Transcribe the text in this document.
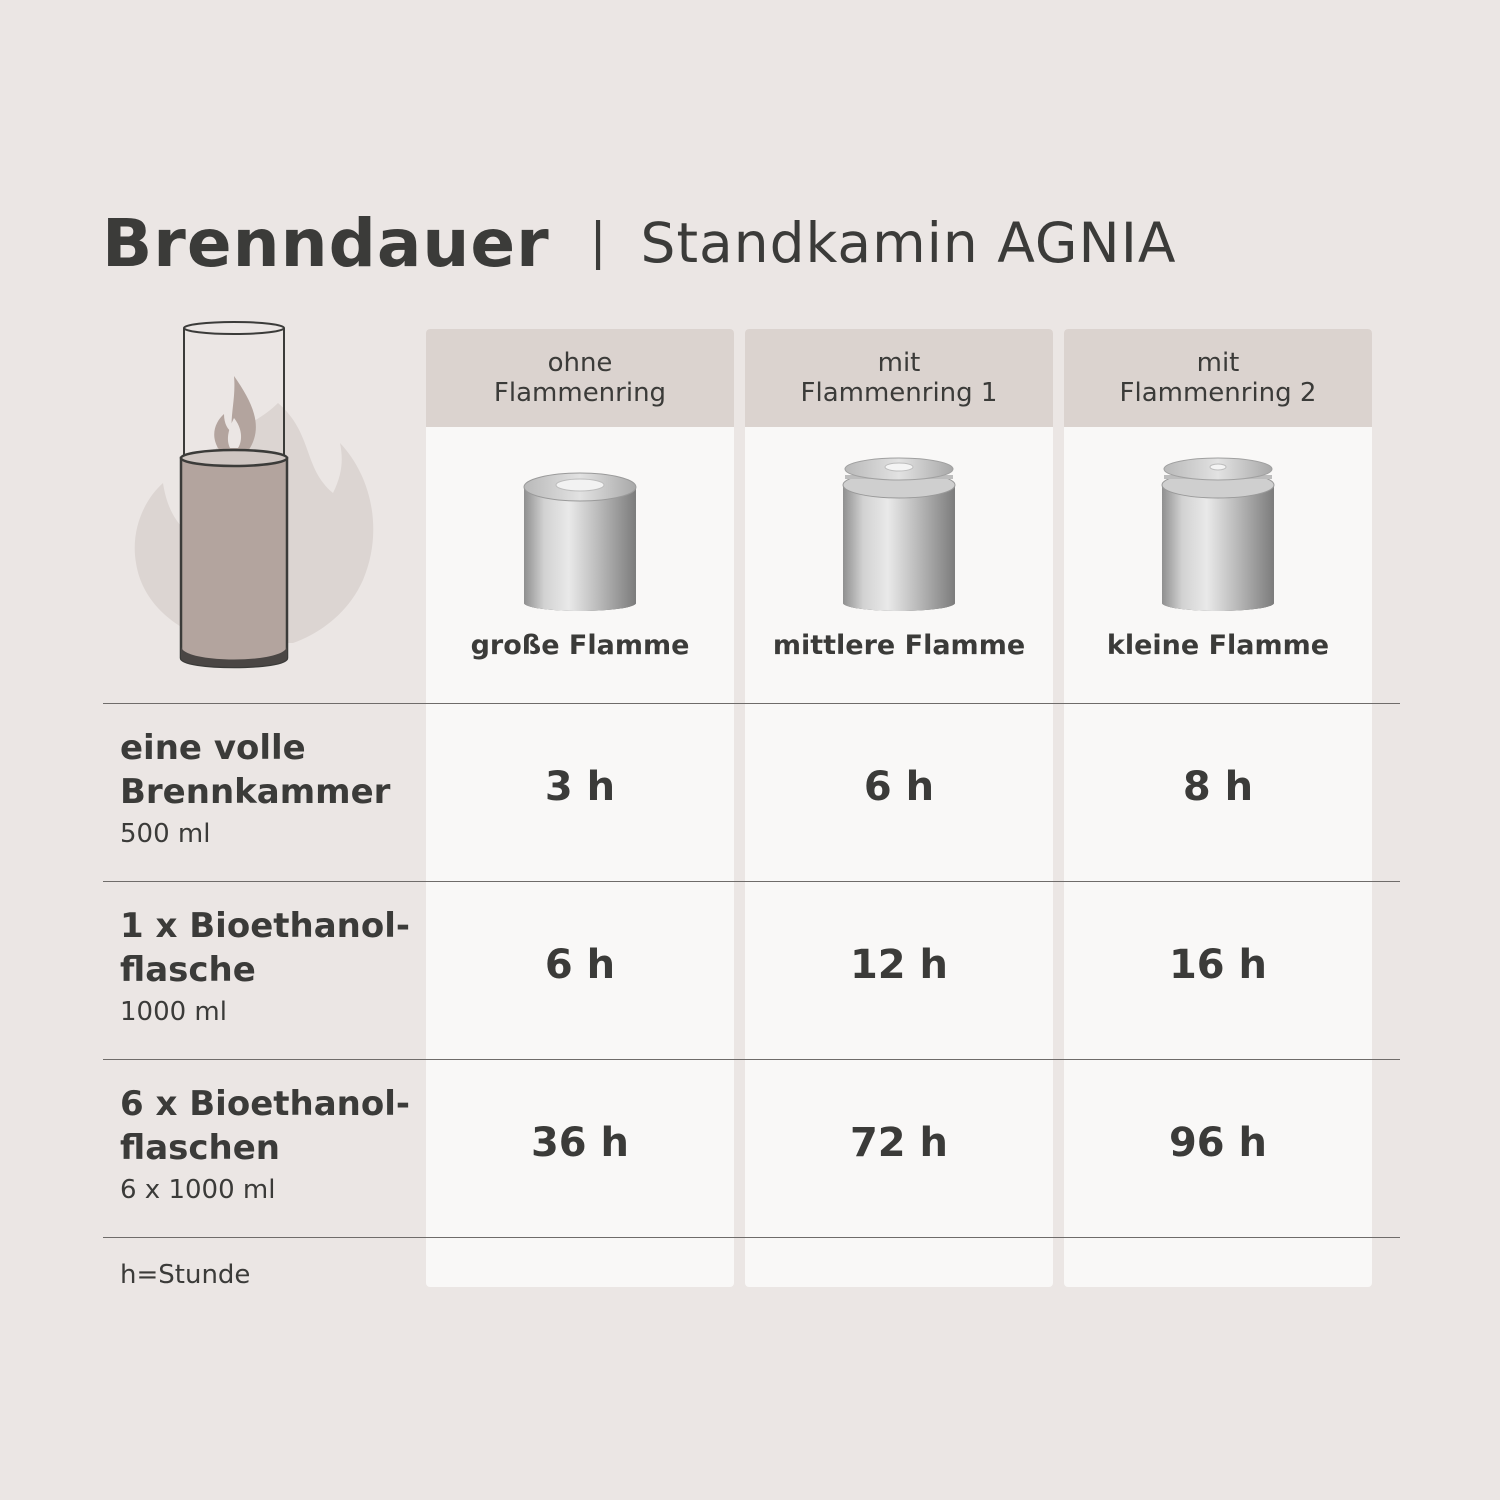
Brenndauer | Standkamin AGNIA
ohne
Flammenring
mit
Flammenring 1
mit
Flammenring 2
große Flamme	mittlere Flamme	kleine Flamme
eine volle
Brennkammer
500 ml
3 h	6 h	8 h
1 x Bioethanol-
flasche
1000 ml
6 h	12 h	16 h
6 x Bioethanol-
flaschen
6 x 1000 ml
36 h	72 h	96 h
h=Stunde
